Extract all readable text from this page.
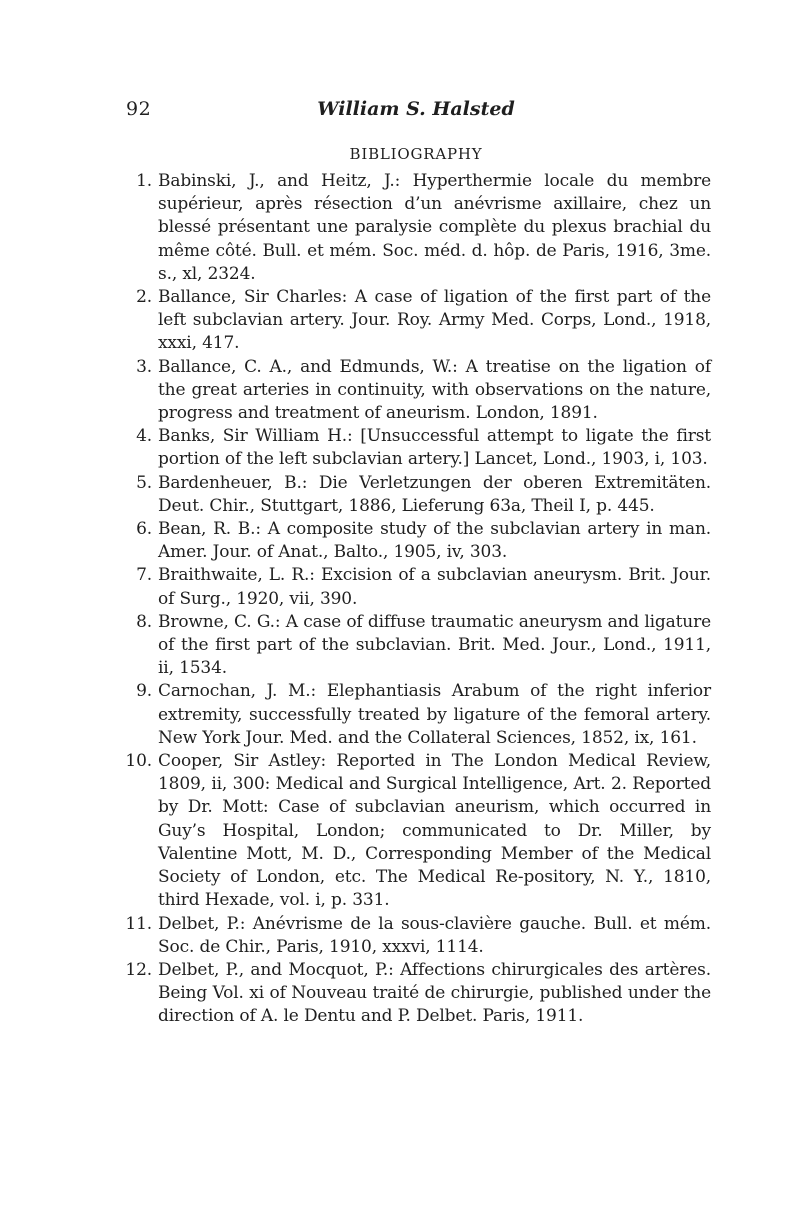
92	William S. Halsted
BIBLIOGRAPHY
1. Babinski, J., and Heitz, J.: Hyperthermie locale du membre supérieur, après résection d’un anévrisme axillaire, chez un blessé présentant une paralysie complète du plexus brachial du même côté. Bull. et mém. Soc. méd. d. hôp. de Paris, 1916, 3me. s., xl, 2324.
2. Ballance, Sir Charles: A case of ligation of the first part of the left subclavian artery. Jour. Roy. Army Med. Corps, Lond., 1918, xxxi, 417.
3. Ballance, C. A., and Edmunds, W.: A treatise on the ligation of the great arteries in continuity, with observations on the nature, progress and treatment of aneurism. London, 1891.
4. Banks, Sir William H.: [Unsuccessful attempt to ligate the first portion of the left subclavian artery.] Lancet, Lond., 1903, i, 103.
5. Bardenheuer, B.: Die Verletzungen der oberen Extremitäten. Deut. Chir., Stuttgart, 1886, Lieferung 63a, Theil I, p. 445.
6. Bean, R. B.: A composite study of the subclavian artery in man. Amer. Jour. of Anat., Balto., 1905, iv, 303.
7. Braithwaite, L. R.: Excision of a subclavian aneurysm. Brit. Jour. of Surg., 1920, vii, 390.
8. Browne, C. G.: A case of diffuse traumatic aneurysm and ligature of the first part of the subclavian. Brit. Med. Jour., Lond., 1911, ii, 1534.
9. Carnochan, J. M.: Elephantiasis Arabum of the right inferior extremity, successfully treated by ligature of the femoral artery. New York Jour. Med. and the Collateral Sciences, 1852, ix, 161.
10. Cooper, Sir Astley: Reported in The London Medical Review, 1809, ii, 300: Medical and Surgical Intelligence, Art. 2. Reported by Dr. Mott: Case of subclavian aneurism, which occurred in Guy’s Hospital, London; communicated to Dr. Miller, by Valentine Mott, M. D., Corresponding Member of the Medical Society of London, etc. The Medical Re-pository, N. Y., 1810, third Hexade, vol. i, p. 331.
11. Delbet, P.: Anévrisme de la sous-clavière gauche. Bull. et mém. Soc. de Chir., Paris, 1910, xxxvi, 1114.
12. Delbet, P., and Mocquot, P.: Affections chirurgicales des artères. Being Vol. xi of Nouveau traité de chirurgie, published under the direction of A. le Dentu and P. Delbet. Paris, 1911.
